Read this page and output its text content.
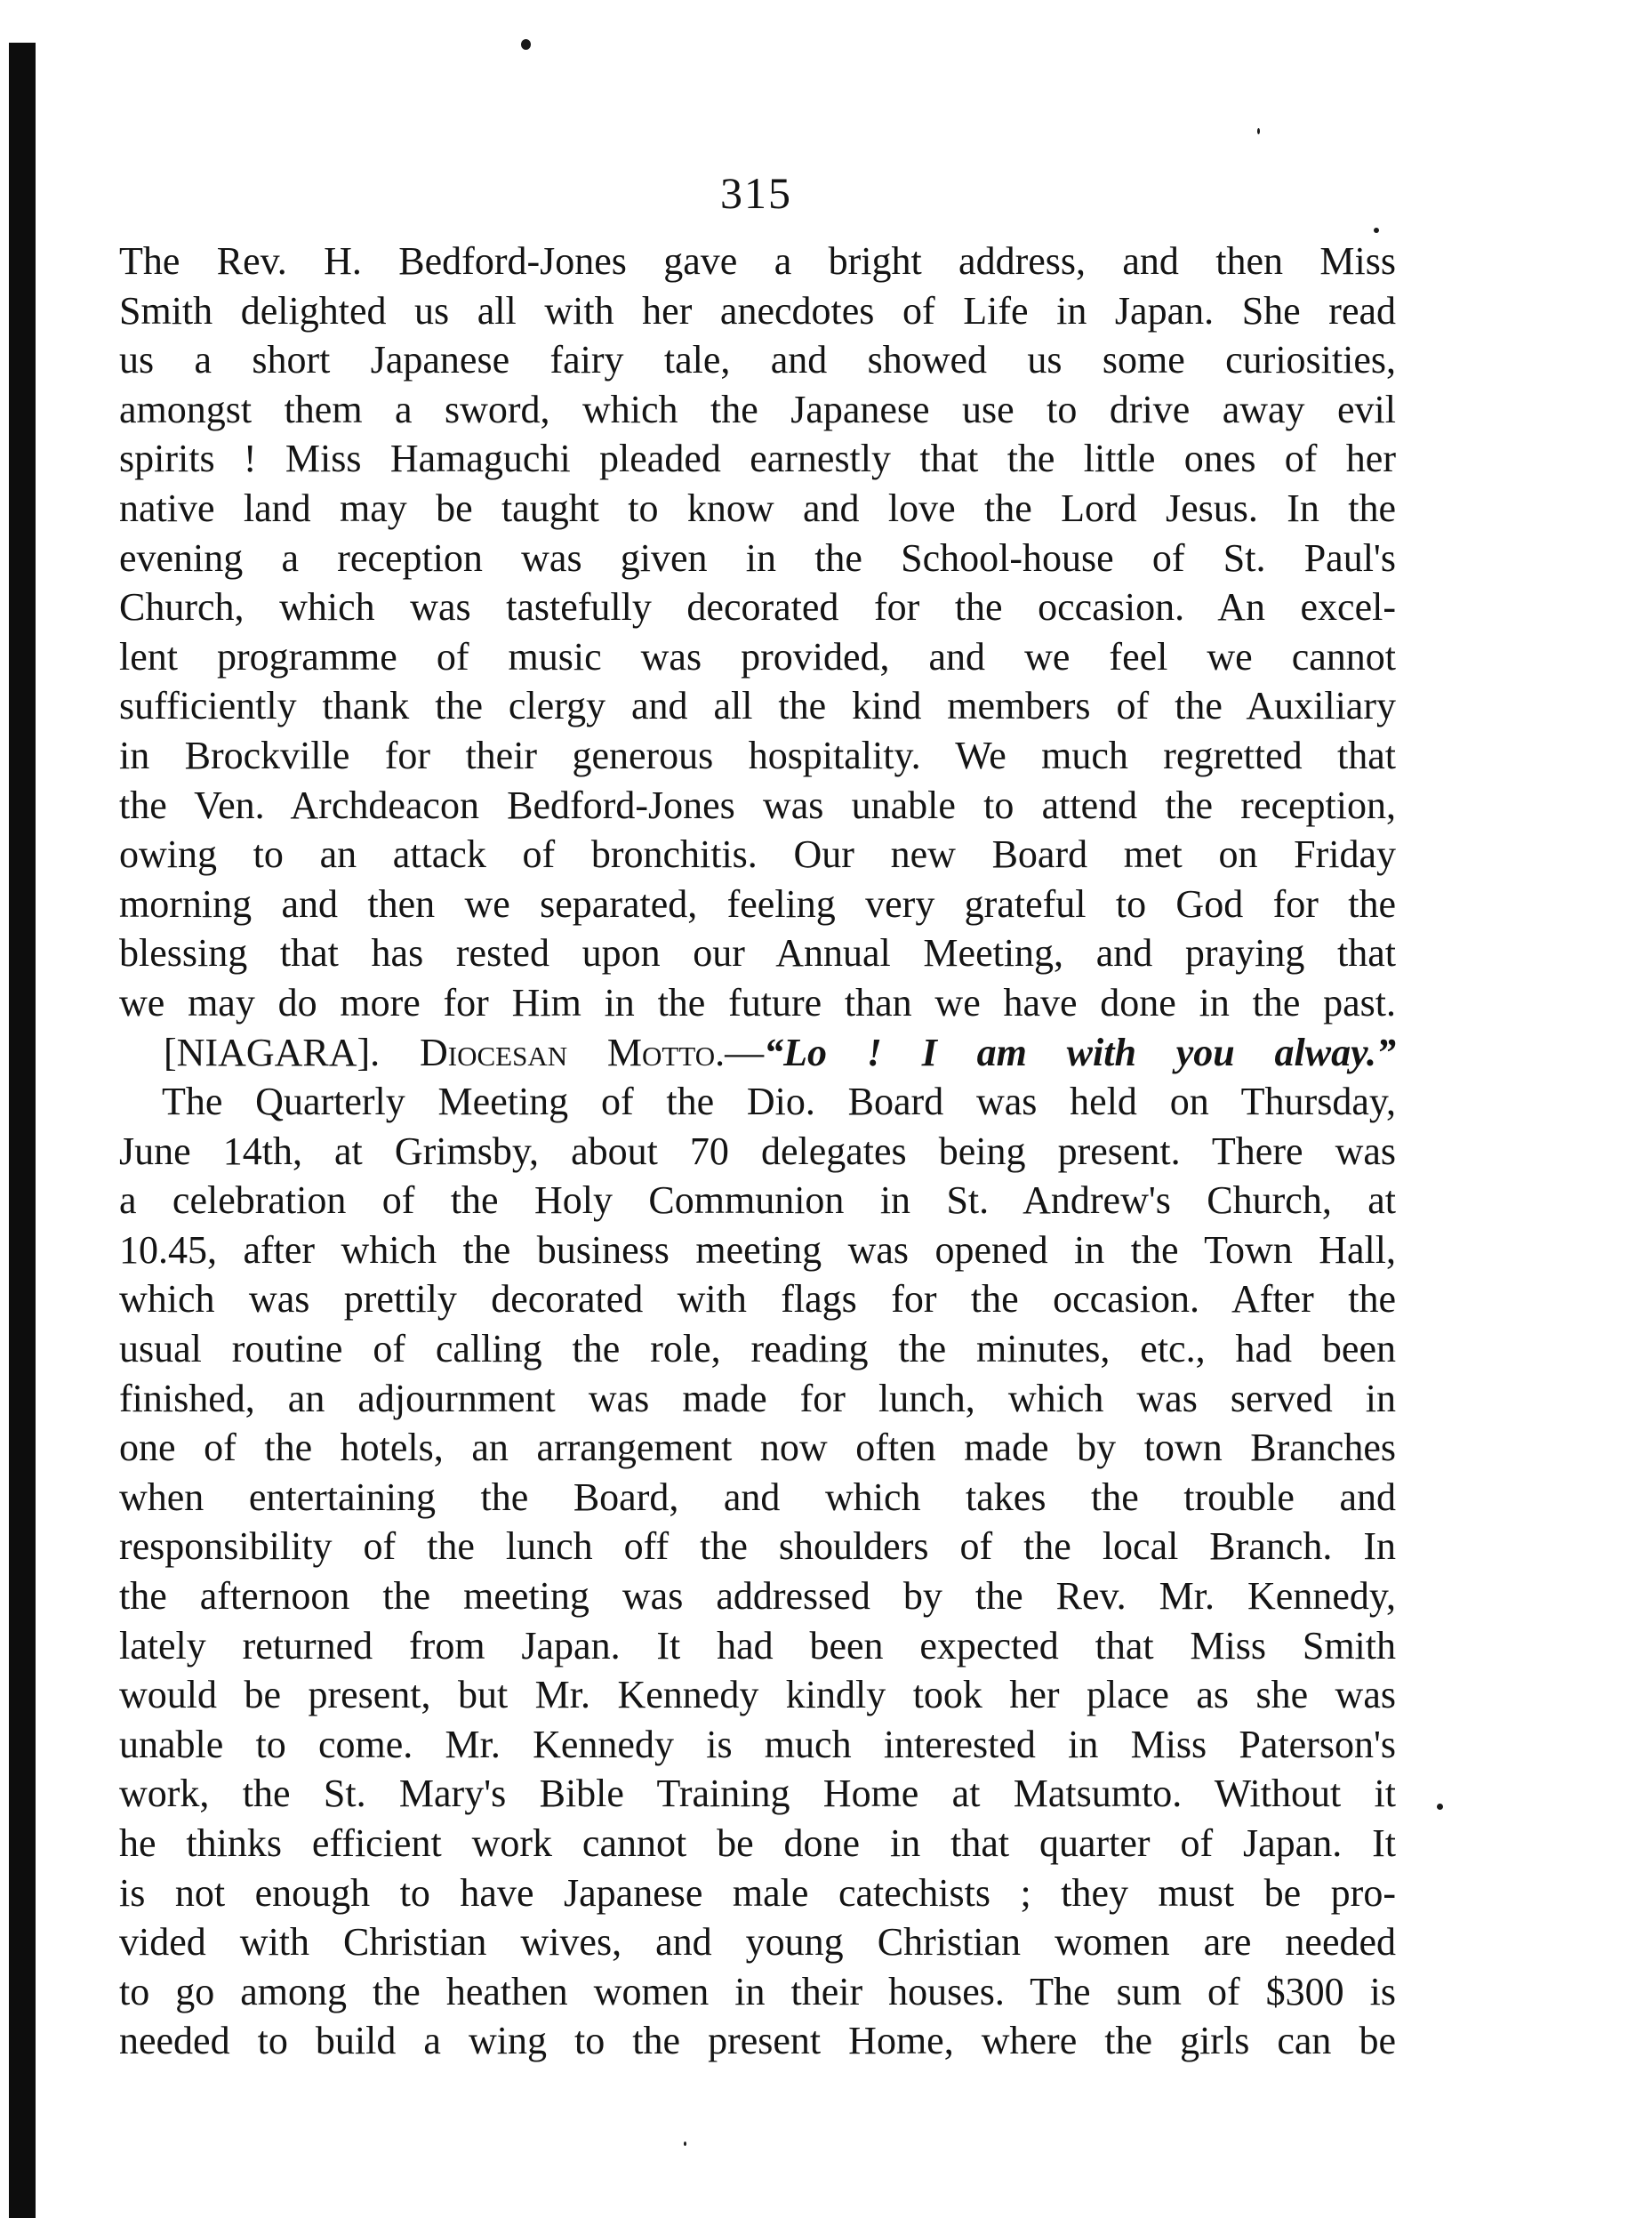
315
The Rev. H. Bedford-Jones gave a bright address, and then Miss
Smith delighted us all with her anecdotes of Life in Japan. She read
us a short Japanese fairy tale, and showed us some curiosities,
amongst them a sword, which the Japanese use to drive away evil
spirits ! Miss Hamaguchi pleaded earnestly that the little ones of her
native land may be taught to know and love the Lord Jesus. In the
evening a reception was given in the School-house of St. Paul's
Church, which was tastefully decorated for the occasion. An excel-
lent programme of music was provided, and we feel we cannot
sufficiently thank the clergy and all the kind members of the Auxiliary
in Brockville for their generous hospitality. We much regretted that
the Ven. Archdeacon Bedford-Jones was unable to attend the reception,
owing to an attack of bronchitis. Our new Board met on Friday
morning and then we separated, feeling very grateful to God for the
blessing that has rested upon our Annual Meeting, and praying that
we may do more for Him in the future than we have done in the past.
[NIAGARA]. Diocesan Motto.—“Lo ! I am with you alway.”
The Quarterly Meeting of the Dio. Board was held on Thursday,
June 14th, at Grimsby, about 70 delegates being present. There was
a celebration of the Holy Communion in St. Andrew's Church, at
10.45, after which the business meeting was opened in the Town Hall,
which was prettily decorated with flags for the occasion. After the
usual routine of calling the role, reading the minutes, etc., had been
finished, an adjournment was made for lunch, which was served in
one of the hotels, an arrangement now often made by town Branches
when entertaining the Board, and which takes the trouble and
responsibility of the lunch off the shoulders of the local Branch. In
the afternoon the meeting was addressed by the Rev. Mr. Kennedy,
lately returned from Japan. It had been expected that Miss Smith
would be present, but Mr. Kennedy kindly took her place as she was
unable to come. Mr. Kennedy is much interested in Miss Paterson's
work, the St. Mary's Bible Training Home at Matsumto. Without it
he thinks efficient work cannot be done in that quarter of Japan. It
is not enough to have Japanese male catechists ; they must be pro-
vided with Christian wives, and young Christian women are needed
to go among the heathen women in their houses. The sum of $300 is
needed to build a wing to the present Home, where the girls can be
